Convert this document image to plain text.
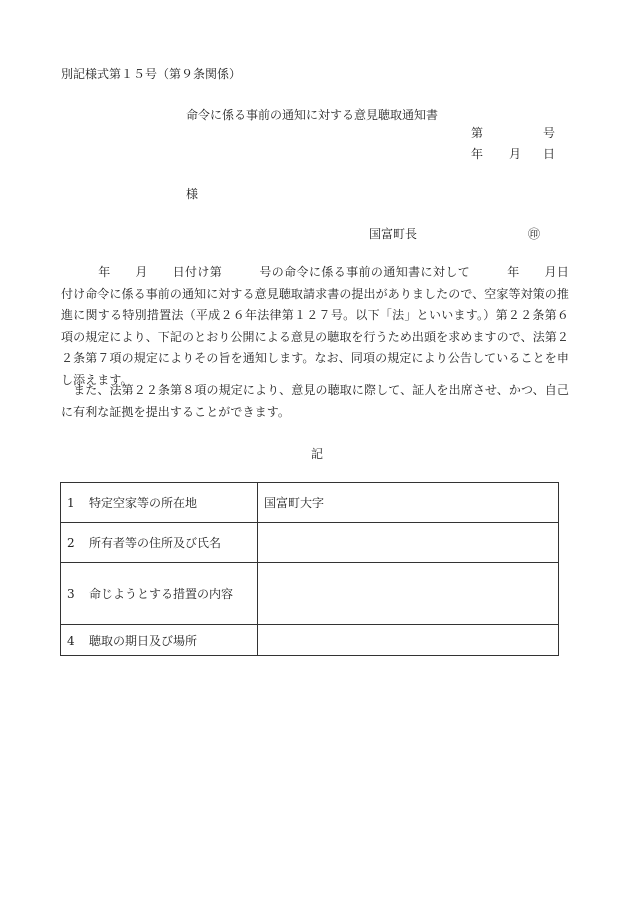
別記様式第１５号（第９条関係）
命令に係る事前の通知に対する意見聴取通知書
第	号
年 月 日
様
国富町長	㊞
　　　年　　月　　日付け第　　　号の命令に係る事前の通知書に対して　　　年　　月日付け命令に係る事前の通知に対する意見聴取請求書の提出がありましたので、空家等対策の推進に関する特別措置法（平成２６年法律第１２７号。以下「法」といいます。）第２２条第６項の規定により、下記のとおり公開による意見の聴取を行うため出頭を求めますので、法第２２条第７項の規定によりその旨を通知します。なお、同項の規定により公告していることを申し添えます。
　また、法第２２条第８項の規定により、意見の聴取に際して、証人を出席させ、かつ、自己に有利な証拠を提出することができます。
記
1 特定空家等の所在地	国富町大字
2 所有者等の住所及び氏名	
3 命じようとする措置の内容	
4 聴取の期日及び場所	
